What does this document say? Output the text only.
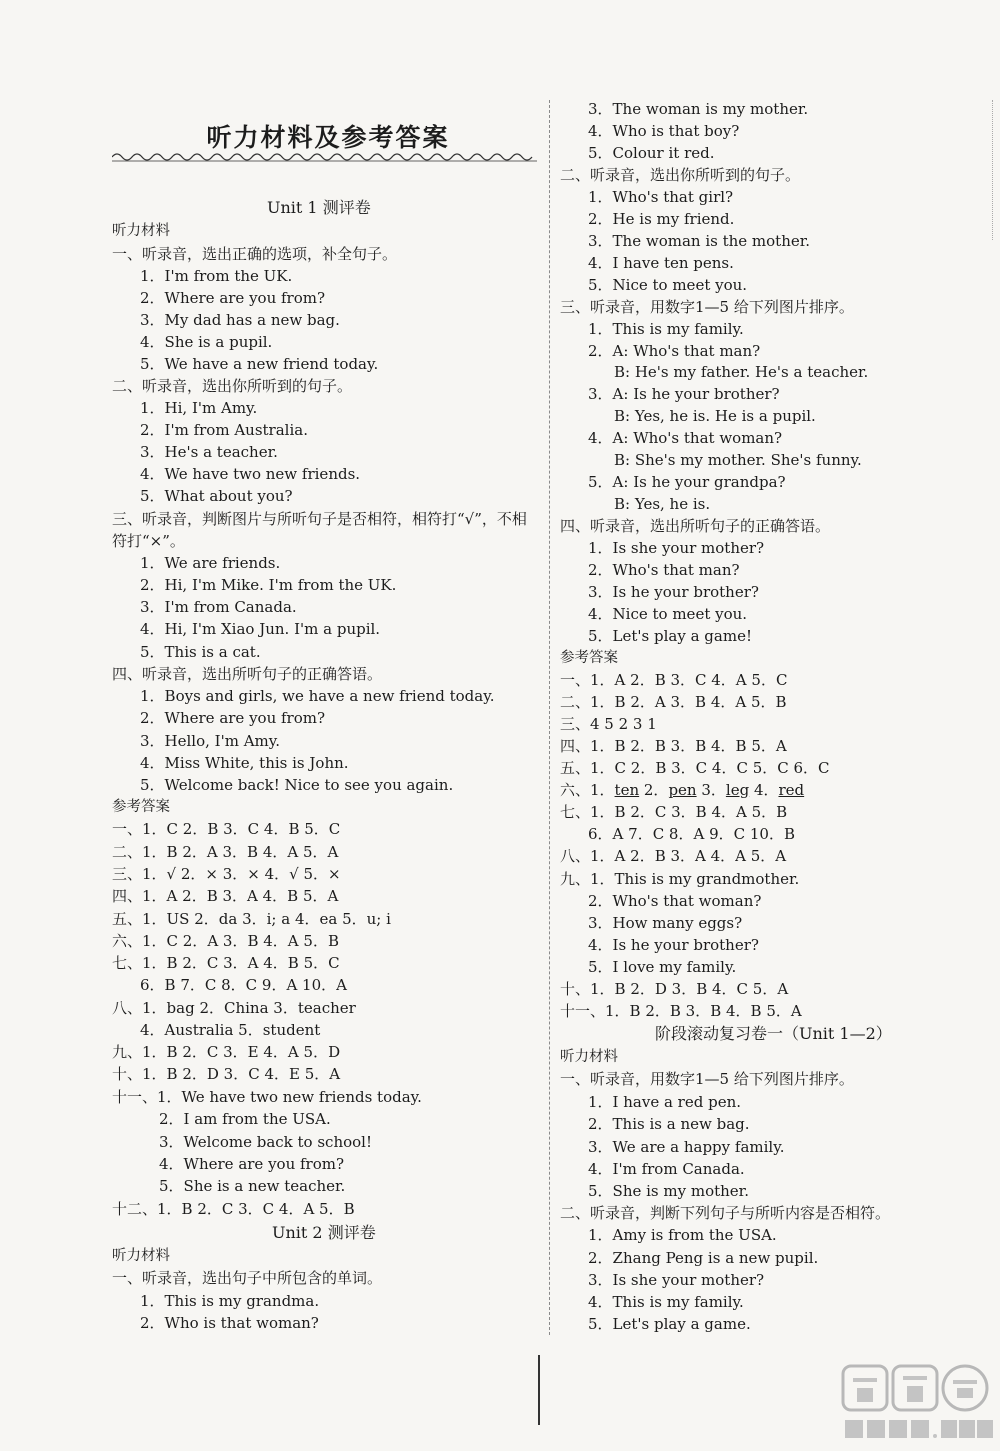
听力材料及参考答案
Unit 1 测评卷
听力材料
一、听录音，选出正确的选项，补全句子。
1．I'm from the UK.
2．Where are you from?
3．My dad has a new bag.
4．She is a pupil.
5．We have a new friend today.
二、听录音，选出你所听到的句子。
1．Hi, I'm Amy.
2．I'm from Australia.
3．He's a teacher.
4．We have two new friends.
5．What about you?
三、听录音，判断图片与所听句子是否相符，相符打“√”，不相
符打“×”。
1．We are friends.
2．Hi, I'm Mike. I'm from the UK.
3．I'm from Canada.
4．Hi, I'm Xiao Jun. I'm a pupil.
5．This is a cat.
四、听录音，选出所听句子的正确答语。
1．Boys and girls, we have a new friend today.
2．Where are you from?
3．Hello, I'm Amy.
4．Miss White, this is John.
5．Welcome back! Nice to see you again.
参考答案
一、1．C 2．B 3．C 4．B 5．C
二、1．B 2．A 3．B 4．A 5．A
三、1．√ 2．× 3．× 4．√ 5．×
四、1．A 2．B 3．A 4．B 5．A
五、1．US 2．da 3．i; a 4．ea 5．u; i
六、1．C 2．A 3．B 4．A 5．B
七、1．B 2．C 3．A 4．B 5．C
6．B 7．C 8．C 9．A 10．A
八、1．bag 2．China 3．teacher
4．Australia 5．student
九、1．B 2．C 3．E 4．A 5．D
十、1．B 2．D 3．C 4．E 5．A
十一、1．We have two new friends today.
2．I am from the USA.
3．Welcome back to school!
4．Where are you from?
5．She is a new teacher.
十二、1．B 2．C 3．C 4．A 5．B
Unit 2 测评卷
听力材料
一、听录音，选出句子中所包含的单词。
1．This is my grandma.
2．Who is that woman?
3．The woman is my mother.
4．Who is that boy?
5．Colour it red.
二、听录音，选出你所听到的句子。
1．Who's that girl?
2．He is my friend.
3．The woman is the mother.
4．I have ten pens.
5．Nice to meet you.
三、听录音，用数字1—5 给下列图片排序。
1．This is my family.
2．A: Who's that man?
B: He's my father. He's a teacher.
3．A: Is he your brother?
B: Yes, he is. He is a pupil.
4．A: Who's that woman?
B: She's my mother. She's funny.
5．A: Is he your grandpa?
B: Yes, he is.
四、听录音，选出所听句子的正确答语。
1．Is she your mother?
2．Who's that man?
3．Is he your brother?
4．Nice to meet you.
5．Let's play a game!
参考答案
一、1．A 2．B 3．C 4．A 5．C
二、1．B 2．A 3．B 4．A 5．B
三、4 5 2 3 1
四、1．B 2．B 3．B 4．B 5．A
五、1．C 2．B 3．C 4．C 5．C 6．C
六、1．ten 2．pen 3．leg 4．red
七、1．B 2．C 3．B 4．A 5．B
6．A 7．C 8．A 9．C 10．B
八、1．A 2．B 3．A 4．A 5．A
九、1．This is my grandmother.
2．Who's that woman?
3．How many eggs?
4．Is he your brother?
5．I love my family.
十、1．B 2．D 3．B 4．C 5．A
十一、1．B 2．B 3．B 4．B 5．A
阶段滚动复习卷一（Unit 1—2）
听力材料
一、听录音，用数字1—5 给下列图片排序。
1．I have a red pen.
2．This is a new bag.
3．We are a happy family.
4．I'm from Canada.
5．She is my mother.
二、听录音，判断下列句子与所听内容是否相符。
1．Amy is from the USA.
2．Zhang Peng is a new pupil.
3．Is she your mother?
4．This is my family.
5．Let's play a game.
